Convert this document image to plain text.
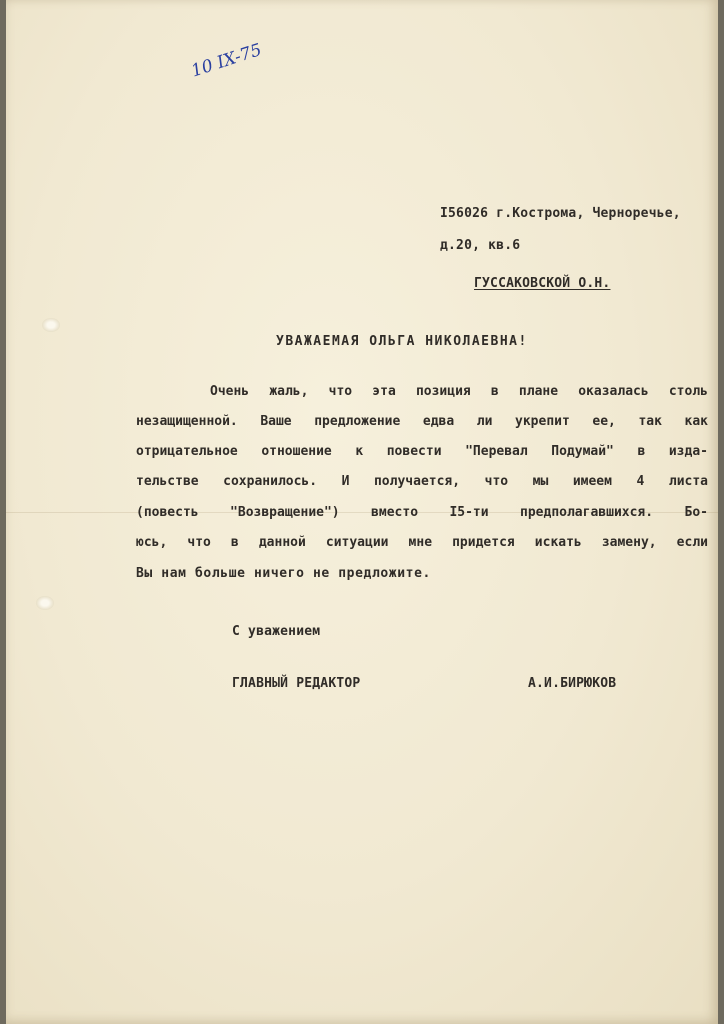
10 IX-75
I56026 г.Кострома, Черноречье,
д.20, кв.6
ГУССАКОВСКОЙ О.Н.
УВАЖАЕМАЯ ОЛЬГА НИКОЛАЕВНА!
Очень жаль, что эта позиция в плане оказалась столь
незащищенной. Ваше предложение едва ли укрепит ее, так как
отрицательное отношение к повести "Перевал Подумай" в изда-
тельстве сохранилось. И получается, что мы имеем 4 листа
(повесть "Возвращение") вместо I5-ти предполагавшихся. Бо-
юсь, что в данной ситуации мне придется искать замену, если
Вы нам больше ничего не предложите.
С уважением
ГЛАВНЫЙ РЕДАКТОР	А.И.БИРЮКОВ
